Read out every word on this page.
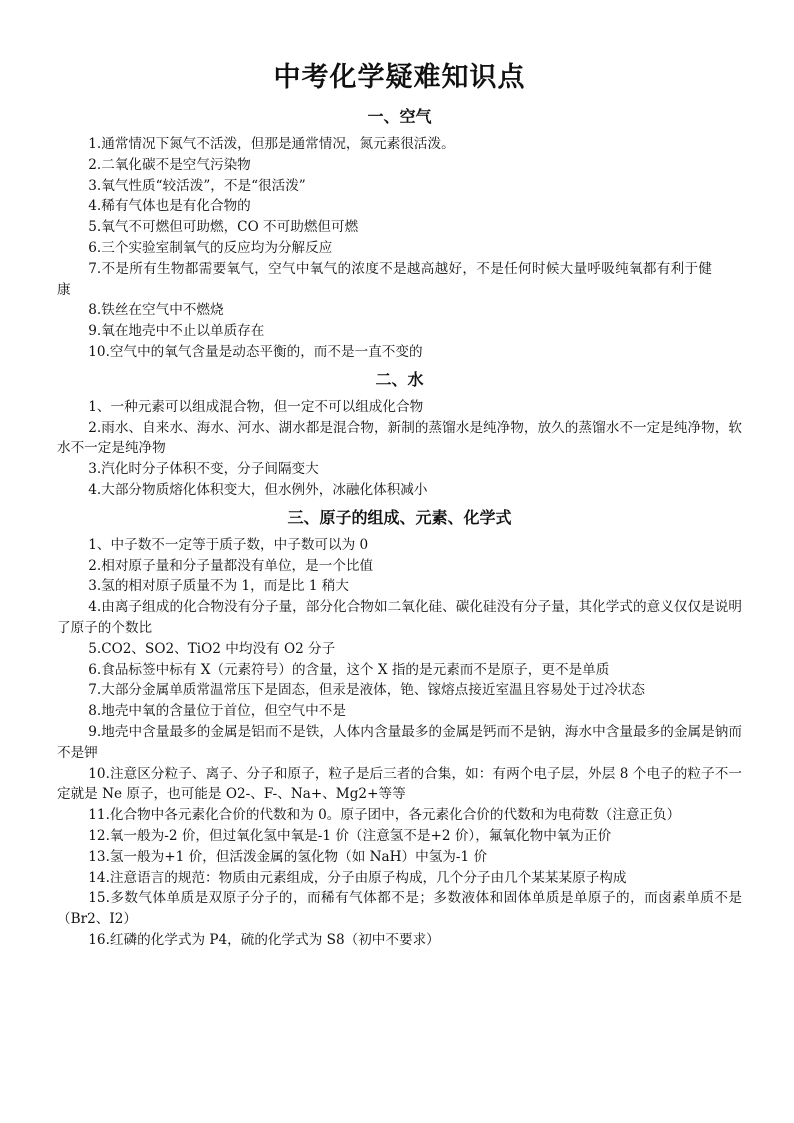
中考化学疑难知识点
一、空气

1.通常情况下氮气不活泼，但那是通常情况，氮元素很活泼。

2.二氧化碳不是空气污染物

3.氧气性质“较活泼”，不是“很活泼”

4.稀有气体也是有化合物的

5.氧气不可燃但可助燃，CO 不可助燃但可燃

6.三个实验室制氧气的反应均为分解反应

7.不是所有生物都需要氧气，空气中氧气的浓度不是越高越好，不是任何时候大量呼吸纯氧都有利于健康

8.铁丝在空气中不燃烧

9.氧在地壳中不止以单质存在

10.空气中的氧气含量是动态平衡的，而不是一直不变的

二、水

1、一种元素可以组成混合物，但一定不可以组成化合物

2.雨水、自来水、海水、河水、湖水都是混合物，新制的蒸馏水是纯净物，放久的蒸馏水不一定是纯净物，软水不一定是纯净物

3.汽化时分子体积不变，分子间隔变大

4.大部分物质熔化体积变大，但水例外，冰融化体积减小

三、原子的组成、元素、化学式

1、中子数不一定等于质子数，中子数可以为 0

2.相对原子量和分子量都没有单位，是一个比值

3.氢的相对原子质量不为 1，而是比 1 稍大

4.由离子组成的化合物没有分子量，部分化合物如二氧化硅、碳化硅没有分子量，其化学式的意义仅仅是说明了原子的个数比

5.CO2、SO2、TiO2 中均没有 O2 分子

6.食品标签中标有 X（元素符号）的含量，这个 X 指的是元素而不是原子，更不是单质

7.大部分金属单质常温常压下是固态，但汞是液体，铯、镓熔点接近室温且容易处于过冷状态

8.地壳中氧的含量位于首位，但空气中不是

9.地壳中含量最多的金属是铝而不是铁，人体内含量最多的金属是钙而不是钠，海水中含量最多的金属是钠而不是钾

10.注意区分粒子、离子、分子和原子，粒子是后三者的合集，如：有两个电子层，外层 8 个电子的粒子不一定就是 Ne 原子，也可能是 O2-、F-、Na+、Mg2+等等

11.化合物中各元素化合价的代数和为 0。原子团中，各元素化合价的代数和为电荷数（注意正负）

12.氧一般为-2 价，但过氧化氢中氧是-1 价（注意氢不是+2 价），氟氧化物中氧为正价

13.氢一般为+1 价，但活泼金属的氢化物（如 NaH）中氢为-1 价

14.注意语言的规范：物质由元素组成，分子由原子构成，几个分子由几个某某某原子构成

15.多数气体单质是双原子分子的，而稀有气体都不是；多数液体和固体单质是单原子的，而卤素单质不是（Br2、I2）

16.红磷的化学式为 P4，硫的化学式为 S8（初中不要求）
